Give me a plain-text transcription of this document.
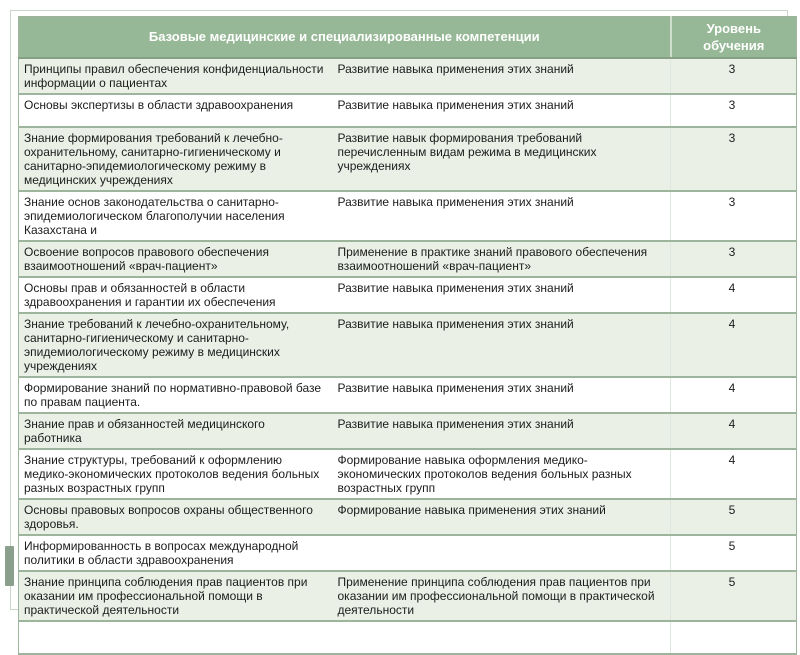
Базовые медицинские и специализированные компетенции		Уровень обучения
Принципы правил обеспечения конфиденциальности информации о пациентах	Развитие навыка применения этих знаний	3
Основы экспертизы в области здравоохранения	Развитие навыка применения этих знаний	3
Знание формирования требований к лечебно-охранительному, санитарно-гигиеническому и санитарно-эпидемиологическому режиму в медицинских учреждениях	Развитие навык формирования требований перечисленным видам режима в медицинских учреждениях	3
Знание основ законодательства о санитарно-эпидемиологическом благополучии населения Казахстана и	Развитие навыка применения этих знаний	3
Освоение вопросов правового обеспечения взаимоотношений «врач-пациент»	Применение в практике знаний правового обеспечения взаимоотношений «врач-пациент»	3
Основы прав и обязанностей в области здравоохранения и гарантии их обеспечения	Развитие навыка применения этих знаний	4
Знание требований к лечебно-охранительному, санитарно-гигиеническому и санитарно-эпидемиологическому режиму в медицинских учреждениях	Развитие навыка применения этих знаний	4
Формирование знаний по нормативно-правовой базе по правам пациента.	Развитие навыка применения этих знаний	4
Знание прав и обязанностей медицинского работника	Развитие навыка применения этих знаний	4
Знание структуры, требований к оформлению медико-экономических протоколов ведения больных разных возрастных групп	Формирование навыка оформления медико-экономических протоколов ведения больных разных возрастных групп	4
Основы правовых вопросов охраны общественного здоровья.	Формирование навыка применения этих знаний	5
Информированность в вопросах международной политики в области здравоохранения		5
Знание принципа соблюдения прав пациентов при оказании им профессиональной помощи в практической деятельности	Применение принципа соблюдения прав пациентов при оказании им профессиональной помощи в практической деятельности	5
